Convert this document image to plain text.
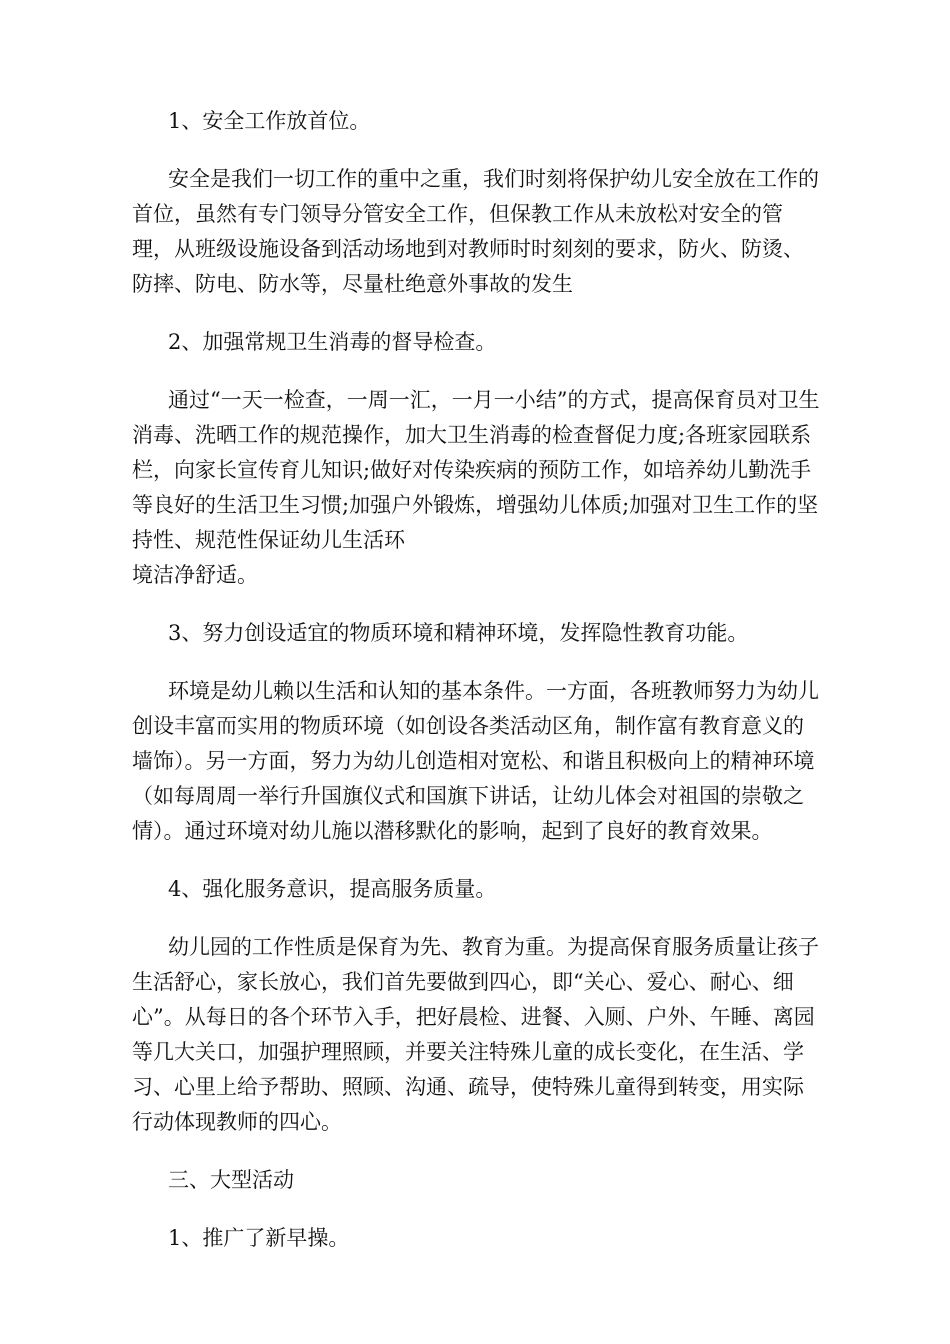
1、安全工作放首位。

安全是我们一切工作的重中之重，我们时刻将保护幼儿安全放在工作的首位，虽然有专门领导分管安全工作，但保教工作从未放松对安全的管理，从班级设施设备到活动场地到对教师时时刻刻的要求，防火、防烫、防摔、防电、防水等，尽量杜绝意外事故的发生

2、加强常规卫生消毒的督导检查。

通过“一天一检查，一周一汇，一月一小结”的方式，提高保育员对卫生消毒、洗晒工作的规范操作，加大卫生消毒的检查督促力度;各班家园联系栏，向家长宣传育儿知识;做好对传染疾病的预防工作，如培养幼儿勤洗手等良好的生活卫生习惯;加强户外锻炼，增强幼儿体质;加强对卫生工作的坚持性、规范性保证幼儿生活环
境洁净舒适。

3、努力创设适宜的物质环境和精神环境，发挥隐性教育功能。

环境是幼儿赖以生活和认知的基本条件。一方面，各班教师努力为幼儿创设丰富而实用的物质环境（如创设各类活动区角，制作富有教育意义的墙饰）。另一方面，努力为幼儿创造相对宽松、和谐且积极向上的精神环境（如每周周一举行升国旗仪式和国旗下讲话，让幼儿体会对祖国的崇敬之情）。通过环境对幼儿施以潜移默化的影响，起到了良好的教育效果。

4、强化服务意识，提高服务质量。

幼儿园的工作性质是保育为先、教育为重。为提高保育服务质量让孩子生活舒心，家长放心，我们首先要做到四心，即“关心、爱心、耐心、细心”。从每日的各个环节入手，把好晨检、进餐、入厕、户外、午睡、离园等几大关口，加强护理照顾，并要关注特殊儿童的成长变化，在生活、学习、心里上给予帮助、照顾、沟通、疏导，使特殊儿童得到转变，用实际行动体现教师的四心。

三、大型活动

1、推广了新早操。
